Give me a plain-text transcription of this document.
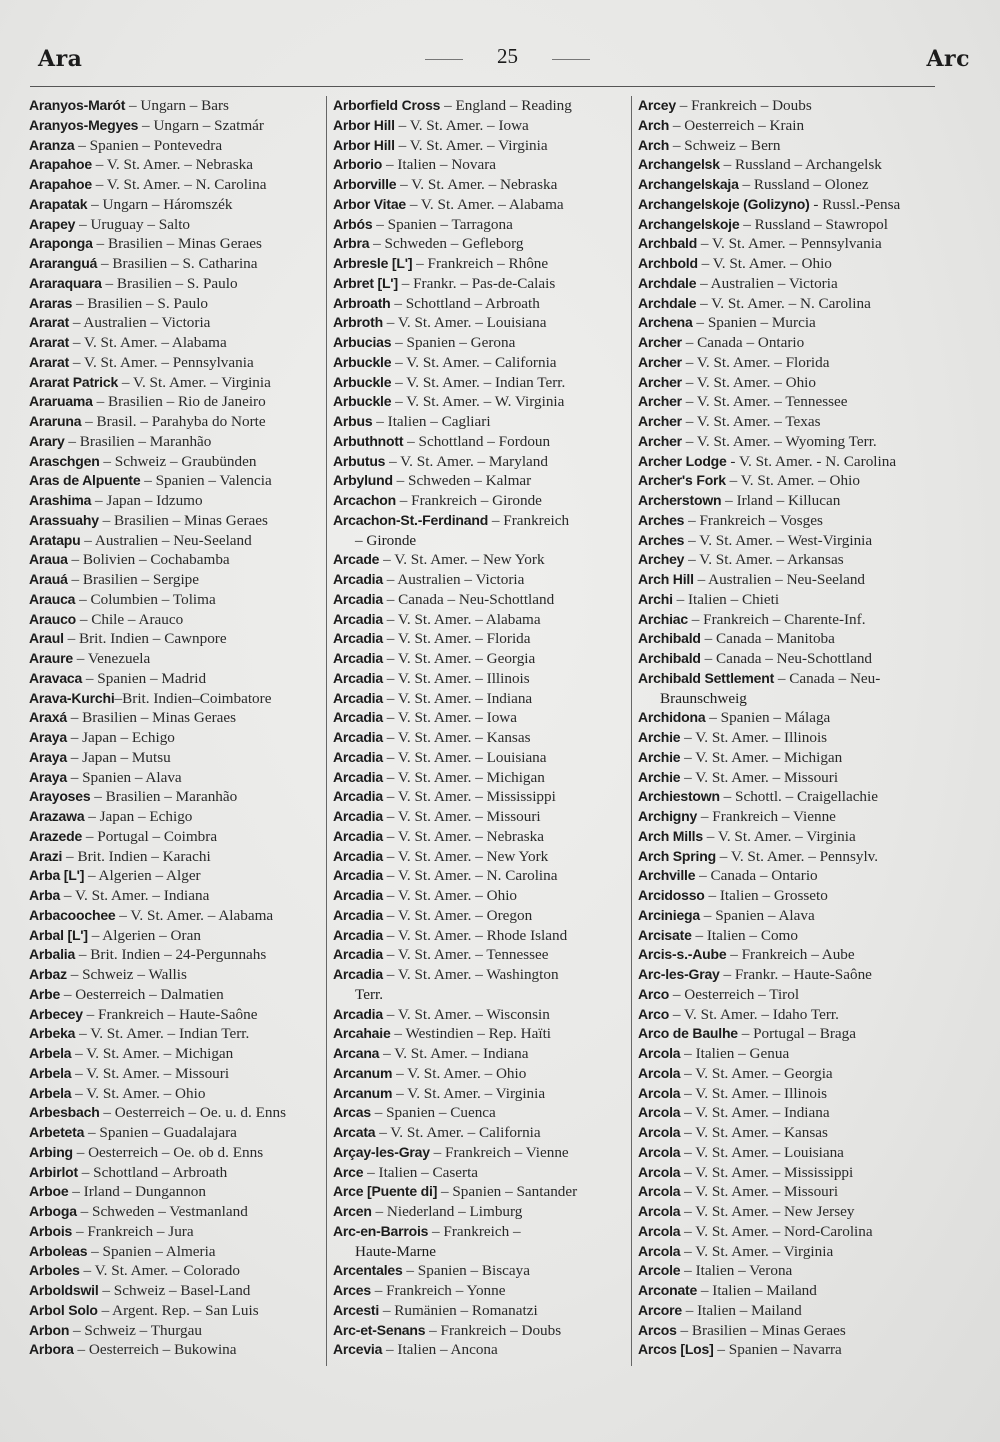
Ara	25	Arc
Aranyos-Marót – Ungarn – Bars
Aranyos-Megyes – Ungarn – Szatmár
Aranza – Spanien – Pontevedra
Arapahoe – V. St. Amer. – Nebraska
Arapahoe – V. St. Amer. – N. Carolina
Arapatak – Ungarn – Háromszék
Arapey – Uruguay – Salto
Araponga – Brasilien – Minas Geraes
Araranguá – Brasilien – S. Catharina
Araraquara – Brasilien – S. Paulo
Araras – Brasilien – S. Paulo
Ararat – Australien – Victoria
Ararat – V. St. Amer. – Alabama
Ararat – V. St. Amer. – Pennsylvania
Ararat Patrick – V. St. Amer. – Virginia
Araruama – Brasilien – Rio de Janeiro
Araruna – Brasil. – Parahyba do Norte
Arary – Brasilien – Maranhão
Araschgen – Schweiz – Graubünden
Aras de Alpuente – Spanien – Valencia
Arashima – Japan – Idzumo
Arassuahy – Brasilien – Minas Geraes
Aratapu – Australien – Neu-Seeland
Araua – Bolivien – Cochabamba
Arauá – Brasilien – Sergipe
Arauca – Columbien – Tolima
Arauco – Chile – Arauco
Araul – Brit. Indien – Cawnpore
Araure – Venezuela
Aravaca – Spanien – Madrid
Arava-Kurchi–Brit. Indien–Coimbatore
Araxá – Brasilien – Minas Geraes
Araya – Japan – Echigo
Araya – Japan – Mutsu
Araya – Spanien – Alava
Arayoses – Brasilien – Maranhão
Arazawa – Japan – Echigo
Arazede – Portugal – Coimbra
Arazi – Brit. Indien – Karachi
Arba [L'] – Algerien – Alger
Arba – V. St. Amer. – Indiana
Arbacoochee – V. St. Amer. – Alabama
Arbal [L'] – Algerien – Oran
Arbalia – Brit. Indien – 24-Pergunnahs
Arbaz – Schweiz – Wallis
Arbe – Oesterreich – Dalmatien
Arbecey – Frankreich – Haute-Saône
Arbeka – V. St. Amer. – Indian Terr.
Arbela – V. St. Amer. – Michigan
Arbela – V. St. Amer. – Missouri
Arbela – V. St. Amer. – Ohio
Arbesbach – Oesterreich – Oe. u. d. Enns
Arbeteta – Spanien – Guadalajara
Arbing – Oesterreich – Oe. ob d. Enns
Arbirlot – Schottland – Arbroath
Arboe – Irland – Dungannon
Arboga – Schweden – Vestmanland
Arbois – Frankreich – Jura
Arboleas – Spanien – Almeria
Arboles – V. St. Amer. – Colorado
Arboldswil – Schweiz – Basel-Land
Arbol Solo – Argent. Rep. – San Luis
Arbon – Schweiz – Thurgau
Arbora – Oesterreich – Bukowina
Arborfield Cross – England – Reading
Arbor Hill – V. St. Amer. – Iowa
Arbor Hill – V. St. Amer. – Virginia
Arborio – Italien – Novara
Arborville – V. St. Amer. – Nebraska
Arbor Vitae – V. St. Amer. – Alabama
Arbós – Spanien – Tarragona
Arbra – Schweden – Gefleborg
Arbresle [L'] – Frankreich – Rhône
Arbret [L'] – Frankr. – Pas-de-Calais
Arbroath – Schottland – Arbroath
Arbroth – V. St. Amer. – Louisiana
Arbucias – Spanien – Gerona
Arbuckle – V. St. Amer. – California
Arbuckle – V. St. Amer. – Indian Terr.
Arbuckle – V. St. Amer. – W. Virginia
Arbus – Italien – Cagliari
Arbuthnott – Schottland – Fordoun
Arbutus – V. St. Amer. – Maryland
Arbylund – Schweden – Kalmar
Arcachon – Frankreich – Gironde
Arcachon-St.-Ferdinand – Frankreich
– Gironde
Arcade – V. St. Amer. – New York
Arcadia – Australien – Victoria
Arcadia – Canada – Neu-Schottland
Arcadia – V. St. Amer. – Alabama
Arcadia – V. St. Amer. – Florida
Arcadia – V. St. Amer. – Georgia
Arcadia – V. St. Amer. – Illinois
Arcadia – V. St. Amer. – Indiana
Arcadia – V. St. Amer. – Iowa
Arcadia – V. St. Amer. – Kansas
Arcadia – V. St. Amer. – Louisiana
Arcadia – V. St. Amer. – Michigan
Arcadia – V. St. Amer. – Mississippi
Arcadia – V. St. Amer. – Missouri
Arcadia – V. St. Amer. – Nebraska
Arcadia – V. St. Amer. – New York
Arcadia – V. St. Amer. – N. Carolina
Arcadia – V. St. Amer. – Ohio
Arcadia – V. St. Amer. – Oregon
Arcadia – V. St. Amer. – Rhode Island
Arcadia – V. St. Amer. – Tennessee
Arcadia – V. St. Amer. – Washington
Terr.
Arcadia – V. St. Amer. – Wisconsin
Arcahaie – Westindien – Rep. Haïti
Arcana – V. St. Amer. – Indiana
Arcanum – V. St. Amer. – Ohio
Arcanum – V. St. Amer. – Virginia
Arcas – Spanien – Cuenca
Arcata – V. St. Amer. – California
Arçay-les-Gray – Frankreich – Vienne
Arce – Italien – Caserta
Arce [Puente di] – Spanien – Santander
Arcen – Niederland – Limburg
Arc-en-Barrois – Frankreich –
Haute-Marne
Arcentales – Spanien – Biscaya
Arces – Frankreich – Yonne
Arcesti – Rumänien – Romanatzi
Arc-et-Senans – Frankreich – Doubs
Arcevia – Italien – Ancona
Arcey – Frankreich – Doubs
Arch – Oesterreich – Krain
Arch – Schweiz – Bern
Archangelsk – Russland – Archangelsk
Archangelskaja – Russland – Olonez
Archangelskoje (Golizyno) - Russl.-Pensa
Archangelskoje – Russland – Stawropol
Archbald – V. St. Amer. – Pennsylvania
Archbold – V. St. Amer. – Ohio
Archdale – Australien – Victoria
Archdale – V. St. Amer. – N. Carolina
Archena – Spanien – Murcia
Archer – Canada – Ontario
Archer – V. St. Amer. – Florida
Archer – V. St. Amer. – Ohio
Archer – V. St. Amer. – Tennessee
Archer – V. St. Amer. – Texas
Archer – V. St. Amer. – Wyoming Terr.
Archer Lodge - V. St. Amer. - N. Carolina
Archer's Fork – V. St. Amer. – Ohio
Archerstown – Irland – Killucan
Arches – Frankreich – Vosges
Arches – V. St. Amer. – West-Virginia
Archey – V. St. Amer. – Arkansas
Arch Hill – Australien – Neu-Seeland
Archi – Italien – Chieti
Archiac – Frankreich – Charente-Inf.
Archibald – Canada – Manitoba
Archibald – Canada – Neu-Schottland
Archibald Settlement – Canada – Neu-
Braunschweig
Archidona – Spanien – Málaga
Archie – V. St. Amer. – Illinois
Archie – V. St. Amer. – Michigan
Archie – V. St. Amer. – Missouri
Archiestown – Schottl. – Craigellachie
Archigny – Frankreich – Vienne
Arch Mills – V. St. Amer. – Virginia
Arch Spring – V. St. Amer. – Pennsylv.
Archville – Canada – Ontario
Arcidosso – Italien – Grosseto
Arciniega – Spanien – Alava
Arcisate – Italien – Como
Arcis-s.-Aube – Frankreich – Aube
Arc-les-Gray – Frankr. – Haute-Saône
Arco – Oesterreich – Tirol
Arco – V. St. Amer. – Idaho Terr.
Arco de Baulhe – Portugal – Braga
Arcola – Italien – Genua
Arcola – V. St. Amer. – Georgia
Arcola – V. St. Amer. – Illinois
Arcola – V. St. Amer. – Indiana
Arcola – V. St. Amer. – Kansas
Arcola – V. St. Amer. – Louisiana
Arcola – V. St. Amer. – Mississippi
Arcola – V. St. Amer. – Missouri
Arcola – V. St. Amer. – New Jersey
Arcola – V. St. Amer. – Nord-Carolina
Arcola – V. St. Amer. – Virginia
Arcole – Italien – Verona
Arconate – Italien – Mailand
Arcore – Italien – Mailand
Arcos – Brasilien – Minas Geraes
Arcos [Los] – Spanien – Navarra
